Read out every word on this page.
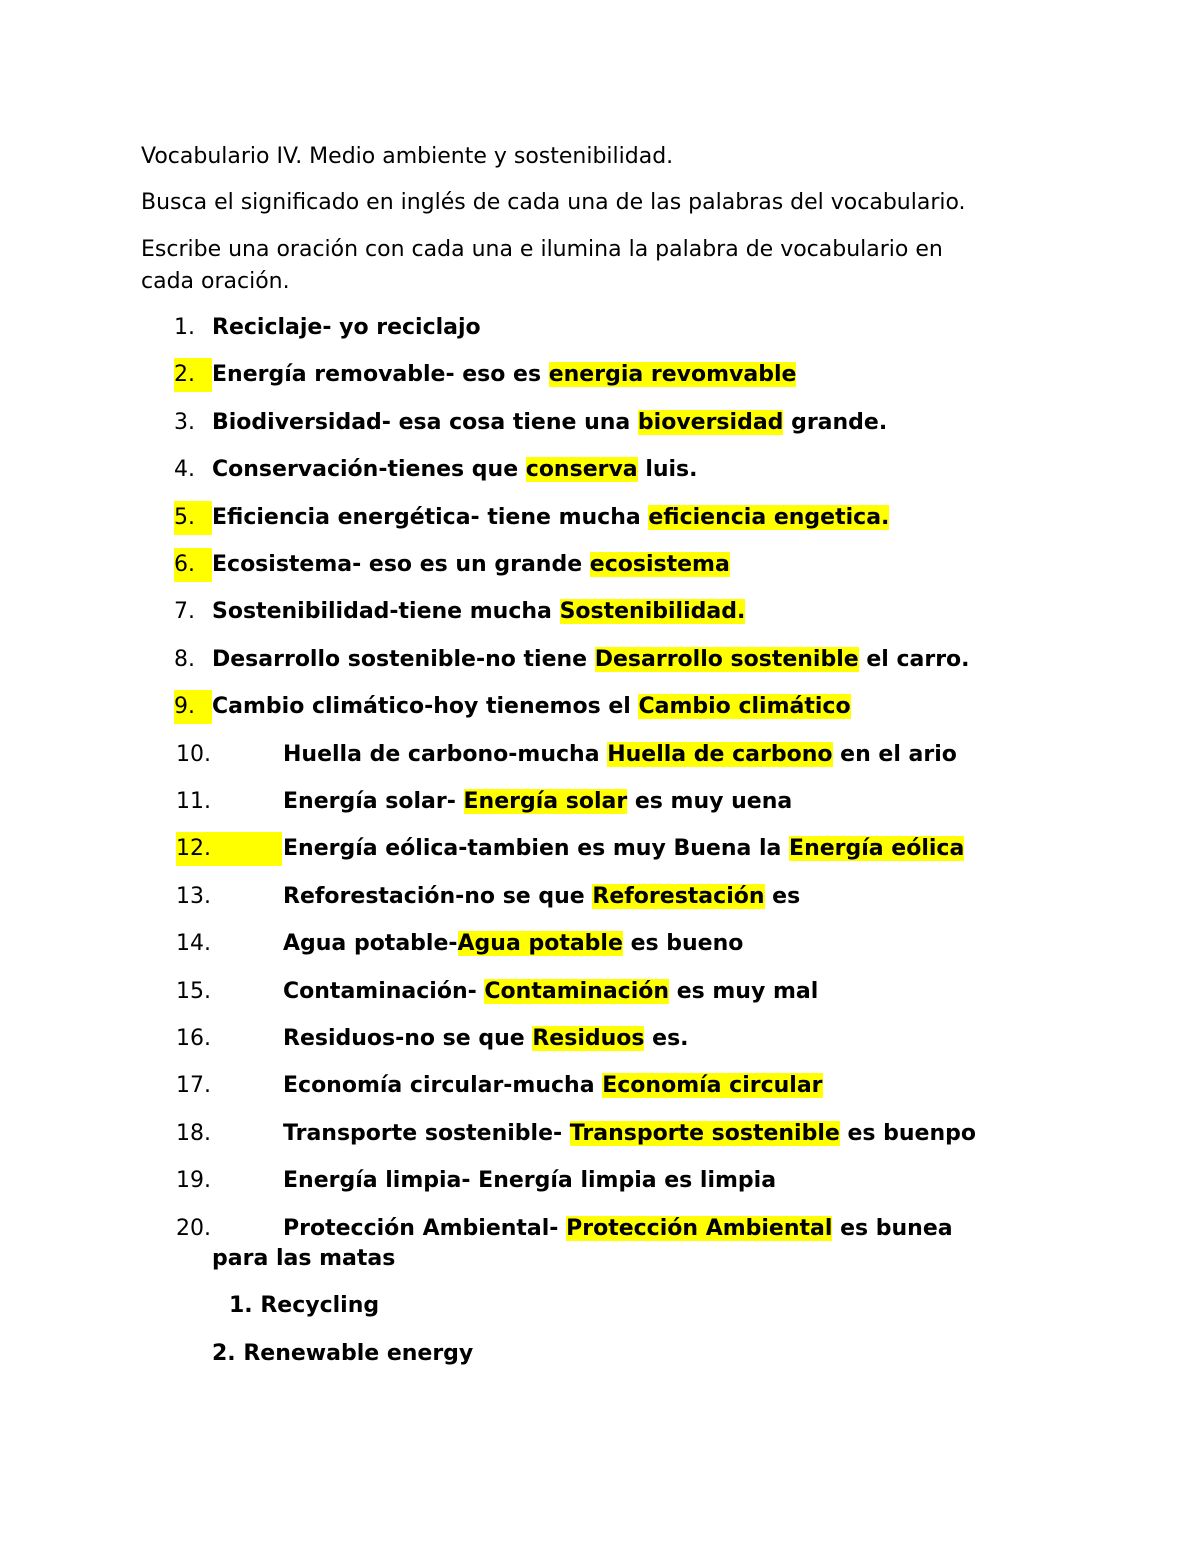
Vocabulario IV. Medio ambiente y sostenibilidad.
Busca el significado en inglés de cada una de las palabras del vocabulario.
Escribe una oración con cada una e ilumina la palabra de vocabulario en
cada oración.
1. Reciclaje- yo reciclajo
2. Energía removable- eso es energia revomvable
3. Biodiversidad- esa cosa tiene una bioversidad grande.
4. Conservación-tienes que conserva luis.
5. Eficiencia energética- tiene mucha eficiencia engetica.
6. Ecosistema- eso es un grande ecosistema
7. Sostenibilidad-tiene mucha Sostenibilidad.
8. Desarrollo sostenible-no tiene Desarrollo sostenible el carro.
9. Cambio climático-hoy tienemos el Cambio climático
10.	Huella de carbono-mucha Huella de carbono en el ario
11.	Energía solar- Energía solar es muy uena
12.	Energía eólica-tambien es muy Buena la Energía eólica
13.	Reforestación-no se que Reforestación es
14.	Agua potable-Agua potable es bueno
15.	Contaminación- Contaminación es muy mal
16.	Residuos-no se que Residuos es.
17.	Economía circular-mucha Economía circular
18.	Transporte sostenible- Transporte sostenible es buenpo
19.	Energía limpia- Energía limpia es limpia
20.	Protección Ambiental- Protección Ambiental es bunea
para las matas
1. Recycling
2. Renewable energy
